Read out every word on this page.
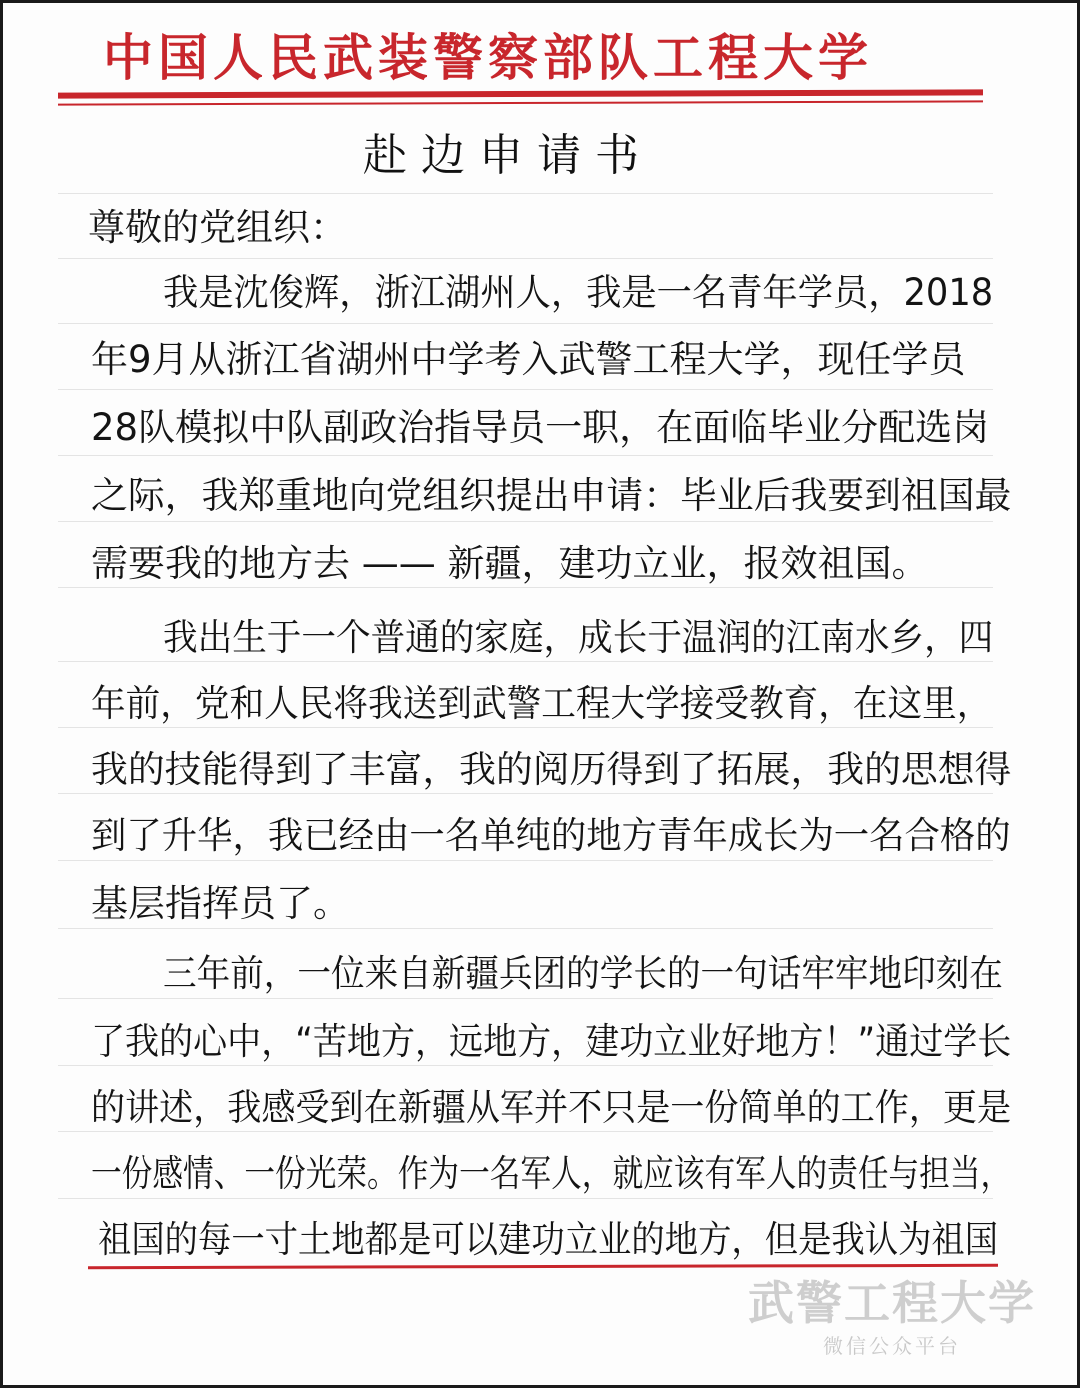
中国人民武装警察部队工程大学
赴边申请书
尊敬的党组织：
我是沈俊辉，浙江湖州人，我是一名青年学员，2018
年9月从浙江省湖州中学考入武警工程大学，现任学员
28队模拟中队副政治指导员一职，在面临毕业分配选岗
之际，我郑重地向党组织提出申请：毕业后我要到祖国最
需要我的地方去 —— 新疆，建功立业，报效祖国。
我出生于一个普通的家庭，成长于温润的江南水乡，四
年前，党和人民将我送到武警工程大学接受教育，在这里，
我的技能得到了丰富，我的阅历得到了拓展，我的思想得
到了升华，我已经由一名单纯的地方青年成长为一名合格的
基层指挥员了。
三年前，一位来自新疆兵团的学长的一句话牢牢地印刻在
了我的心中，“苦地方，远地方，建功立业好地方！”通过学长
的讲述，我感受到在新疆从军并不只是一份简单的工作，更是
一份感情、一份光荣。作为一名军人，就应该有军人的责任与担当，
祖国的每一寸土地都是可以建功立业的地方，但是我认为祖国
武警工程大学
微信公众平台
